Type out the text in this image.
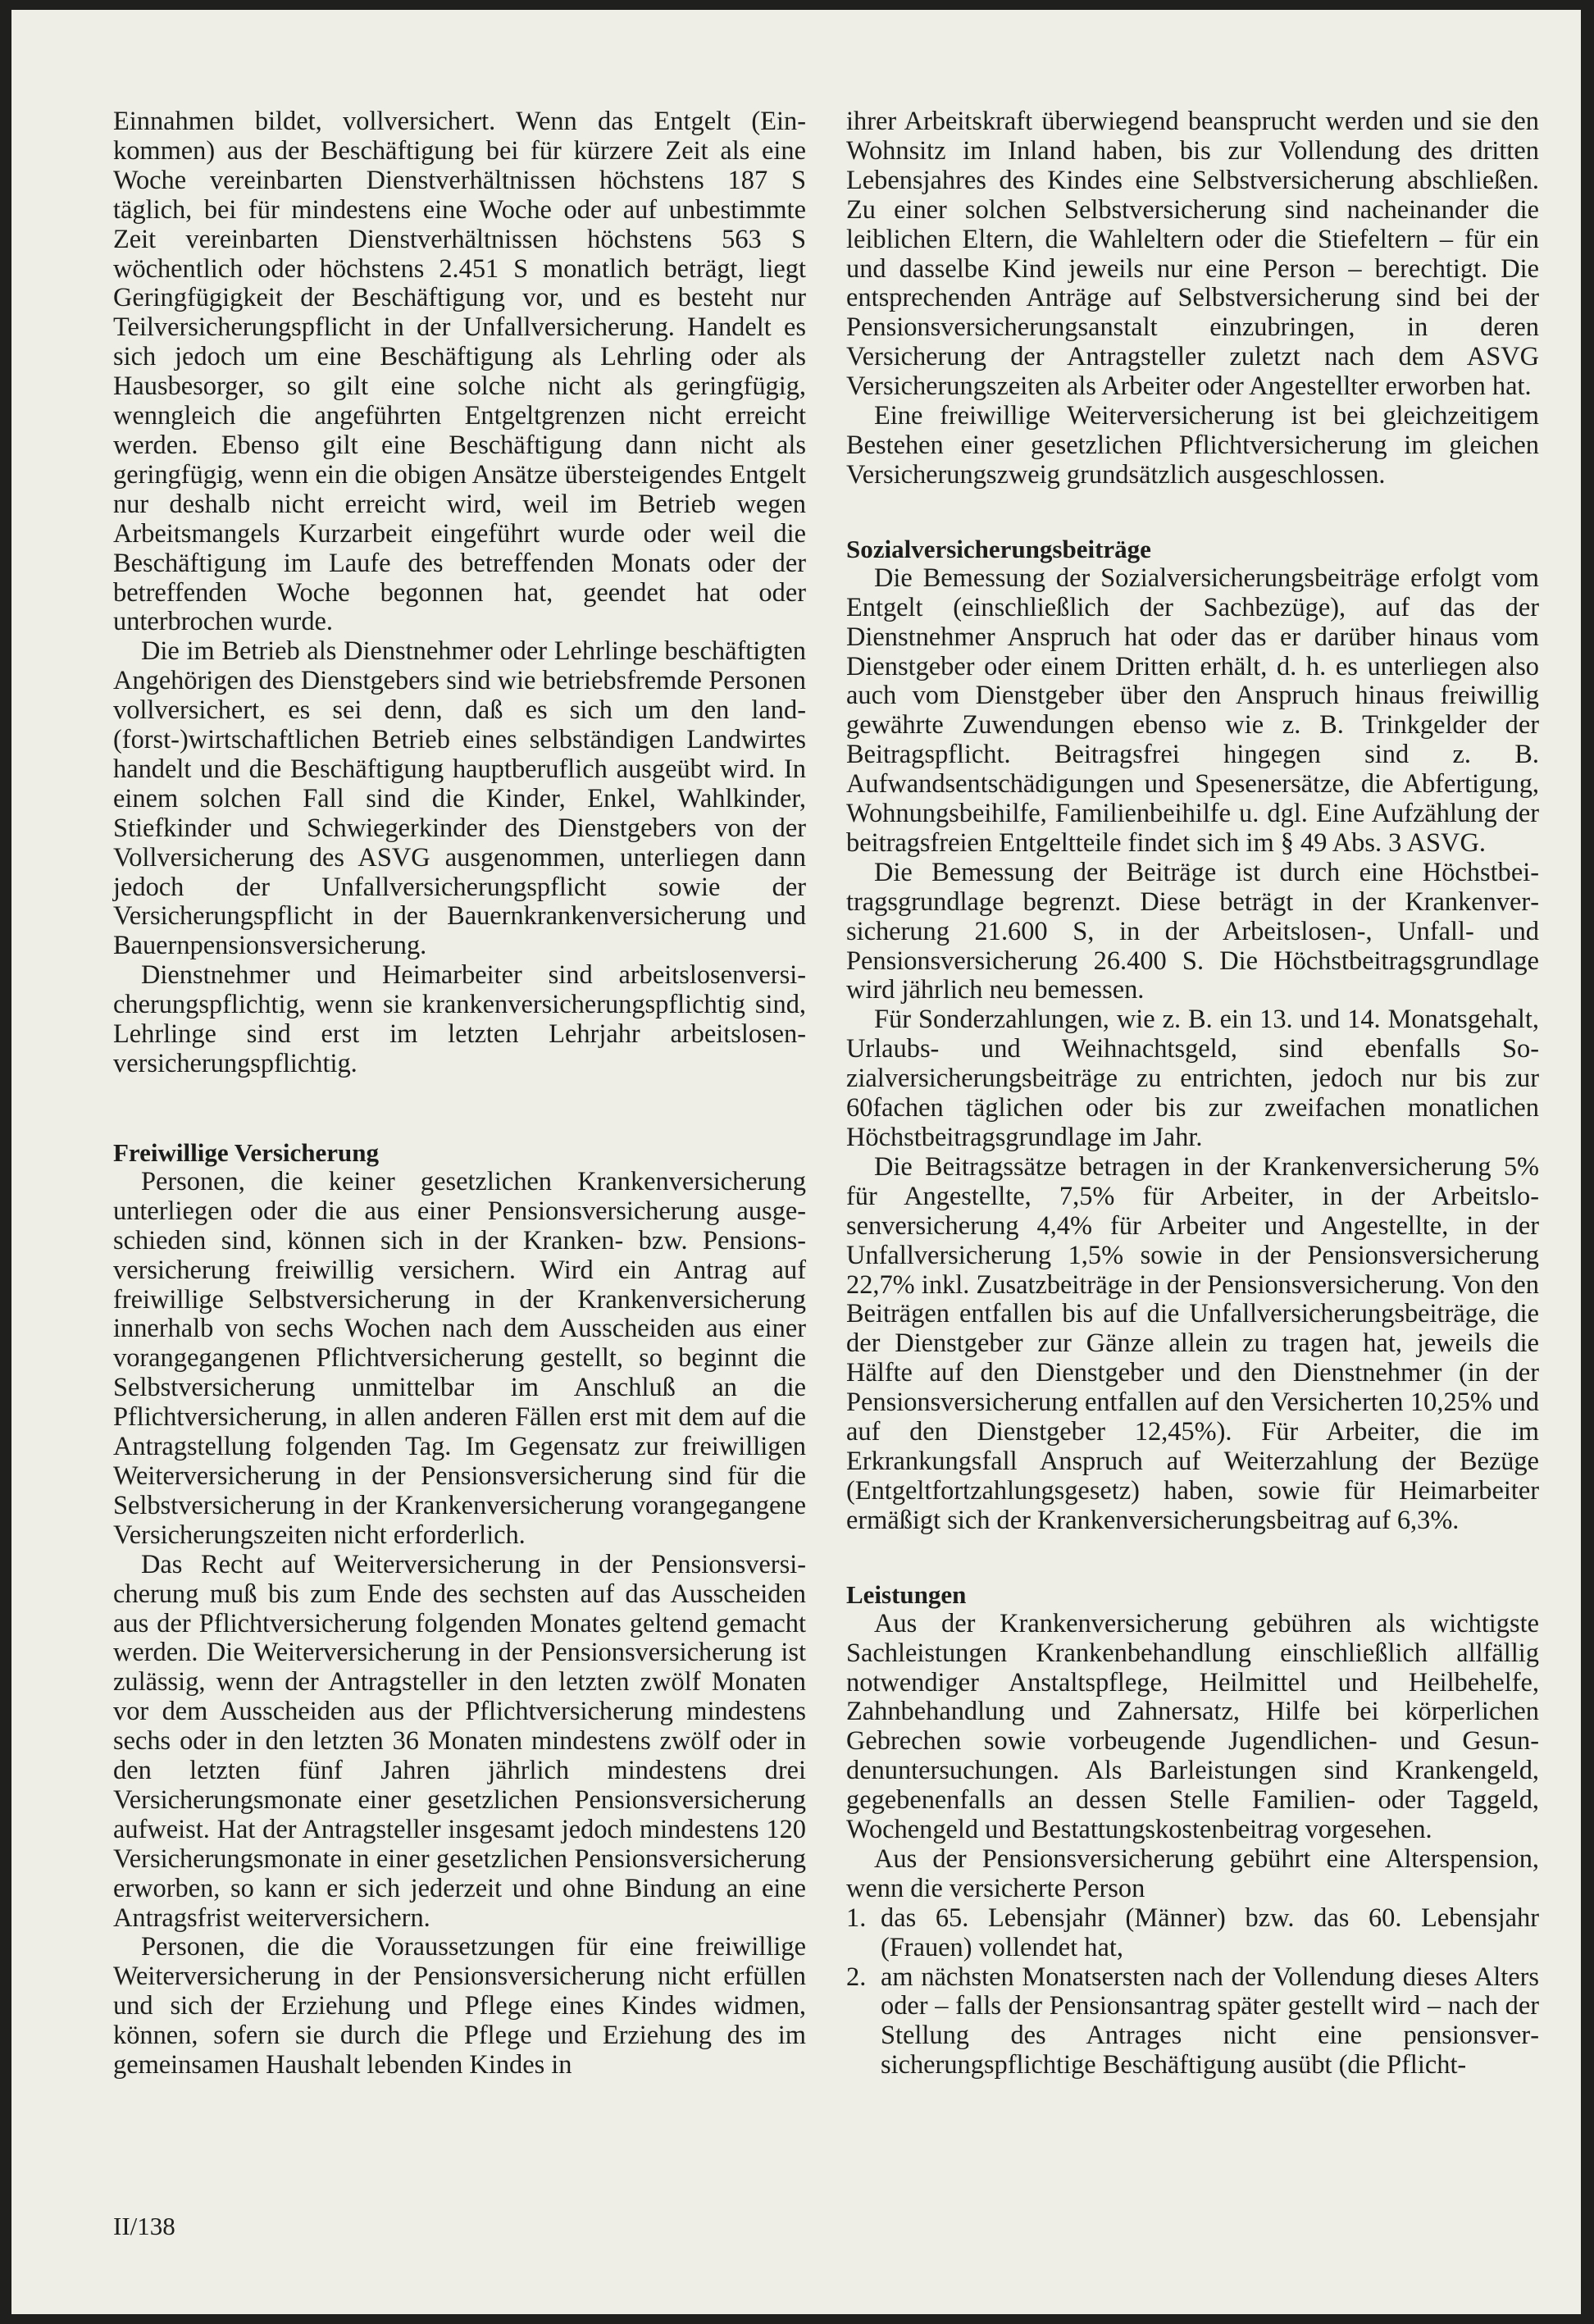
Einnahmen bildet, vollversichert. Wenn das Entgelt (Einkommen) aus der Beschäftigung bei für kürzere Zeit als eine Woche vereinbarten Dienstverhältnissen höchstens 187 S täglich, bei für mindestens eine Woche oder auf unbestimmte Zeit vereinbarten Dienstverhältnissen höchstens 563 S wöchentlich oder höchstens 2.451 S monatlich beträgt, liegt Geringfügigkeit der Beschäftigung vor, und es besteht nur Teilversicherungspflicht in der Unfallversicherung. Handelt es sich jedoch um eine Beschäftigung als Lehrling oder als Hausbesorger, so gilt eine solche nicht als geringfügig, wenngleich die angeführten Entgeltgrenzen nicht erreicht werden. Ebenso gilt eine Beschäftigung dann nicht als geringfügig, wenn ein die obigen Ansätze übersteigendes Entgelt nur deshalb nicht erreicht wird, weil im Betrieb wegen Arbeitsmangels Kurzarbeit eingeführt wurde oder weil die Beschäftigung im Laufe des betreffenden Monats oder der betreffenden Woche begonnen hat, geendet hat oder unterbrochen wurde.

Die im Betrieb als Dienstnehmer oder Lehrlinge beschäftigten Angehörigen des Dienstgebers sind wie betriebsfremde Personen vollversichert, es sei denn, daß es sich um den land-(forst-)wirtschaftlichen Betrieb eines selbständigen Landwirtes handelt und die Beschäftigung hauptberuflich ausgeübt wird. In einem solchen Fall sind die Kinder, Enkel, Wahlkinder, Stiefkinder und Schwiegerkinder des Dienstgebers von der Vollversicherung des ASVG ausgenommen, unterliegen dann jedoch der Unfallversicherungspflicht sowie der Versicherungspflicht in der Bauernkrankenversicherung und Bauernpensionsversicherung.

Dienstnehmer und Heimarbeiter sind arbeitslosenversicherungspflichtig, wenn sie krankenversicherungspflichtig sind, Lehrlinge sind erst im letzten Lehrjahr arbeitslosenversicherungspflichtig.

Freiwillige Versicherung

Personen, die keiner gesetzlichen Krankenversicherung unterliegen oder die aus einer Pensionsversicherung ausgeschieden sind, können sich in der Kranken- bzw. Pensionsversicherung freiwillig versichern. Wird ein Antrag auf freiwillige Selbstversicherung in der Krankenversicherung innerhalb von sechs Wochen nach dem Ausscheiden aus einer vorangegangenen Pflichtversicherung gestellt, so beginnt die Selbstversicherung unmittelbar im Anschluß an die Pflichtversicherung, in allen anderen Fällen erst mit dem auf die Antragstellung folgenden Tag. Im Gegensatz zur freiwilligen Weiterversicherung in der Pensionsversicherung sind für die Selbstversicherung in der Krankenversicherung vorangegangene Versicherungszeiten nicht erforderlich.

Das Recht auf Weiterversicherung in der Pensionsversicherung muß bis zum Ende des sechsten auf das Ausscheiden aus der Pflichtversicherung folgenden Monates geltend gemacht werden. Die Weiterversicherung in der Pensionsversicherung ist zulässig, wenn der Antragsteller in den letzten zwölf Monaten vor dem Ausscheiden aus der Pflichtversicherung mindestens sechs oder in den letzten 36 Monaten mindestens zwölf oder in den letzten fünf Jahren jährlich mindestens drei Versicherungsmonate einer gesetzlichen Pensionsversicherung aufweist. Hat der Antragsteller insgesamt jedoch mindestens 120 Versicherungsmonate in einer gesetzlichen Pensionsversicherung erworben, so kann er sich jederzeit und ohne Bindung an eine Antragsfrist weiterversichern.

Personen, die die Voraussetzungen für eine freiwillige Weiterversicherung in der Pensionsversicherung nicht erfüllen und sich der Erziehung und Pflege eines Kindes widmen, können, sofern sie durch die Pflege und Erziehung des im gemeinsamen Haushalt lebenden Kindes in

ihrer Arbeitskraft überwiegend beansprucht werden und sie den Wohnsitz im Inland haben, bis zur Vollendung des dritten Lebensjahres des Kindes eine Selbstversicherung abschließen. Zu einer solchen Selbstversicherung sind nacheinander die leiblichen Eltern, die Wahleltern oder die Stiefeltern – für ein und dasselbe Kind jeweils nur eine Person – berechtigt. Die entsprechenden Anträge auf Selbstversicherung sind bei der Pensionsversicherungsanstalt einzubringen, in deren Versicherung der Antragsteller zuletzt nach dem ASVG Versicherungszeiten als Arbeiter oder Angestellter erworben hat.

Eine freiwillige Weiterversicherung ist bei gleichzeitigem Bestehen einer gesetzlichen Pflichtversicherung im gleichen Versicherungszweig grundsätzlich ausgeschlossen.

Sozialversicherungsbeiträge

Die Bemessung der Sozialversicherungsbeiträge erfolgt vom Entgelt (einschließlich der Sachbezüge), auf das der Dienstnehmer Anspruch hat oder das er darüber hinaus vom Dienstgeber oder einem Dritten erhält, d. h. es unterliegen also auch vom Dienstgeber über den Anspruch hinaus freiwillig gewährte Zuwendungen ebenso wie z. B. Trinkgelder der Beitragspflicht. Beitragsfrei hingegen sind z. B. Aufwandsentschädigungen und Spesenersätze, die Abfertigung, Wohnungsbeihilfe, Familienbeihilfe u. dgl. Eine Aufzählung der beitragsfreien Entgeltteile findet sich im § 49 Abs. 3 ASVG.

Die Bemessung der Beiträge ist durch eine Höchstbeitragsgrundlage begrenzt. Diese beträgt in der Krankenversicherung 21.600 S, in der Arbeitslosen-, Unfall- und Pensionsversicherung 26.400 S. Die Höchstbeitragsgrundlage wird jährlich neu bemessen.

Für Sonderzahlungen, wie z. B. ein 13. und 14. Monatsgehalt, Urlaubs- und Weihnachtsgeld, sind ebenfalls Sozialversicherungsbeiträge zu entrichten, jedoch nur bis zur 60fachen täglichen oder bis zur zweifachen monatlichen Höchstbeitragsgrundlage im Jahr.

Die Beitragssätze betragen in der Krankenversicherung 5% für Angestellte, 7,5% für Arbeiter, in der Arbeitslosenversicherung 4,4% für Arbeiter und Angestellte, in der Unfallversicherung 1,5% sowie in der Pensionsversicherung 22,7% inkl. Zusatzbeiträge in der Pensionsversicherung. Von den Beiträgen entfallen bis auf die Unfallversicherungsbeiträge, die der Dienstgeber zur Gänze allein zu tragen hat, jeweils die Hälfte auf den Dienstgeber und den Dienstnehmer (in der Pensionsversicherung entfallen auf den Versicherten 10,25% und auf den Dienstgeber 12,45%). Für Arbeiter, die im Erkrankungsfall Anspruch auf Weiterzahlung der Bezüge (Entgeltfortzahlungsgesetz) haben, sowie für Heimarbeiter ermäßigt sich der Krankenversicherungsbeitrag auf 6,3%.

Leistungen

Aus der Krankenversicherung gebühren als wichtigste Sachleistungen Krankenbehandlung einschließlich allfällig notwendiger Anstaltspflege, Heilmittel und Heilbehelfe, Zahnbehandlung und Zahnersatz, Hilfe bei körperlichen Gebrechen sowie vorbeugende Jugendlichen- und Gesundenuntersuchungen. Als Barleistungen sind Krankengeld, gegebenenfalls an dessen Stelle Familien- oder Taggeld, Wochengeld und Bestattungskostenbeitrag vorgesehen.

Aus der Pensionsversicherung gebührt eine Alterspension, wenn die versicherte Person

1. das 65. Lebensjahr (Männer) bzw. das 60. Lebensjahr (Frauen) vollendet hat,
2. am nächsten Monatsersten nach der Vollendung dieses Alters oder – falls der Pensionsantrag später gestellt wird – nach der Stellung des Antrages nicht eine pensionsversicherungspflichtige Beschäftigung ausübt (die Pflicht-
II/138
